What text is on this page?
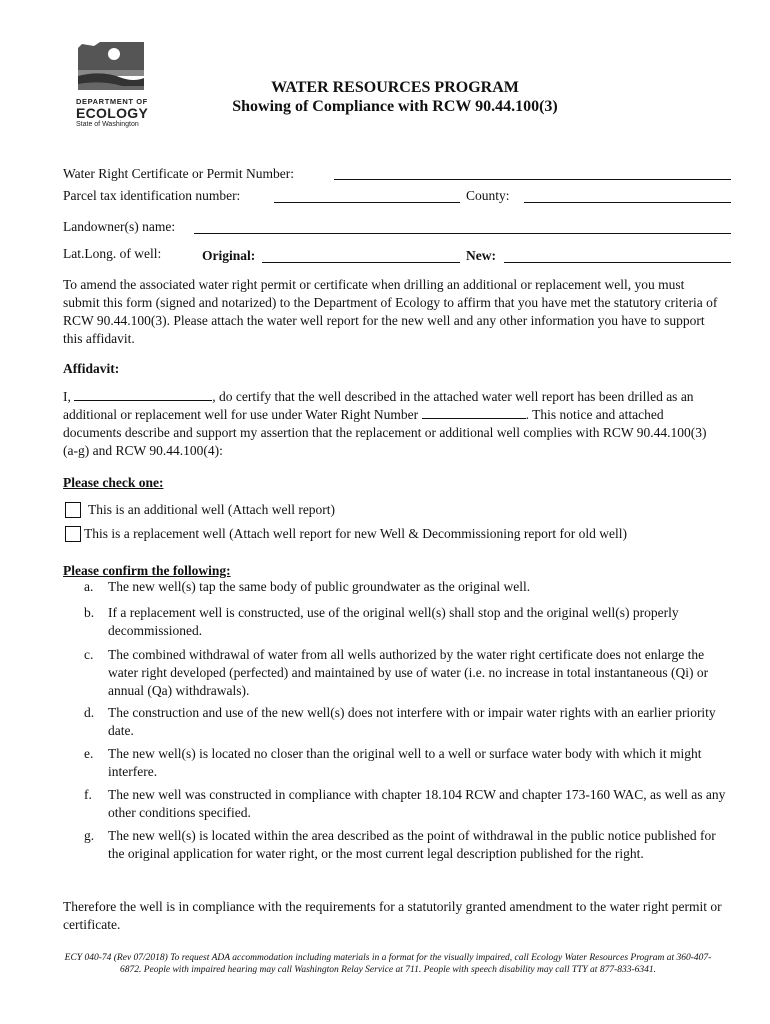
DEPARTMENT OF
ECOLOGY
State of Washington
WATER RESOURCES PROGRAM
Showing of Compliance with RCW 90.44.100(3)
Water Right Certificate or Permit Number:
Parcel tax identification number:	County:
Landowner(s) name:
Lat.Long. of well:	Original:	New:
To amend the associated water right permit or certificate when drilling an additional or replacement well, you must submit this form (signed and notarized) to the Department of Ecology to affirm that you have met the statutory criteria of RCW 90.44.100(3). Please attach the water well report for the new well and any other information you have to support this affidavit.
Affidavit:
I,	, do certify that the well described in the attached water well report has been drilled as an additional or replacement well for use under Water Right Number	. This notice and attached documents describe and support my assertion that the replacement or additional well complies with RCW 90.44.100(3) (a-g) and RCW 90.44.100(4):
Please check one:
This is an additional well (Attach well report)
This is a replacement well (Attach well report for new Well & Decommissioning report for old well)
Please confirm the following:
a.	The new well(s) tap the same body of public groundwater as the original well.
b.	If a replacement well is constructed, use of the original well(s) shall stop and the original well(s) properly decommissioned.
c.	The combined withdrawal of water from all wells authorized by the water right certificate does not enlarge the water right developed (perfected) and maintained by use of water (i.e. no increase in total instantaneous (Qi) or annual (Qa) withdrawals).
d.	The construction and use of the new well(s) does not interfere with or impair water rights with an earlier priority date.
e.	The new well(s) is located no closer than the original well to a well or surface water body with which it might interfere.
f.	The new well was constructed in compliance with chapter 18.104 RCW and chapter 173-160 WAC, as well as any other conditions specified.
g.	The new well(s) is located within the area described as the point of withdrawal in the public notice published for the original application for water right, or the most current legal description published for the right.
Therefore the well is in compliance with the requirements for a statutorily granted amendment to the water right permit or certificate.
ECY 040-74 (Rev 07/2018) To request ADA accommodation including materials in a format for the visually impaired, call Ecology Water Resources Program at 360-407-6872. People with impaired hearing may call Washington Relay Service at 711. People with speech disability may call TTY at 877-833-6341.
